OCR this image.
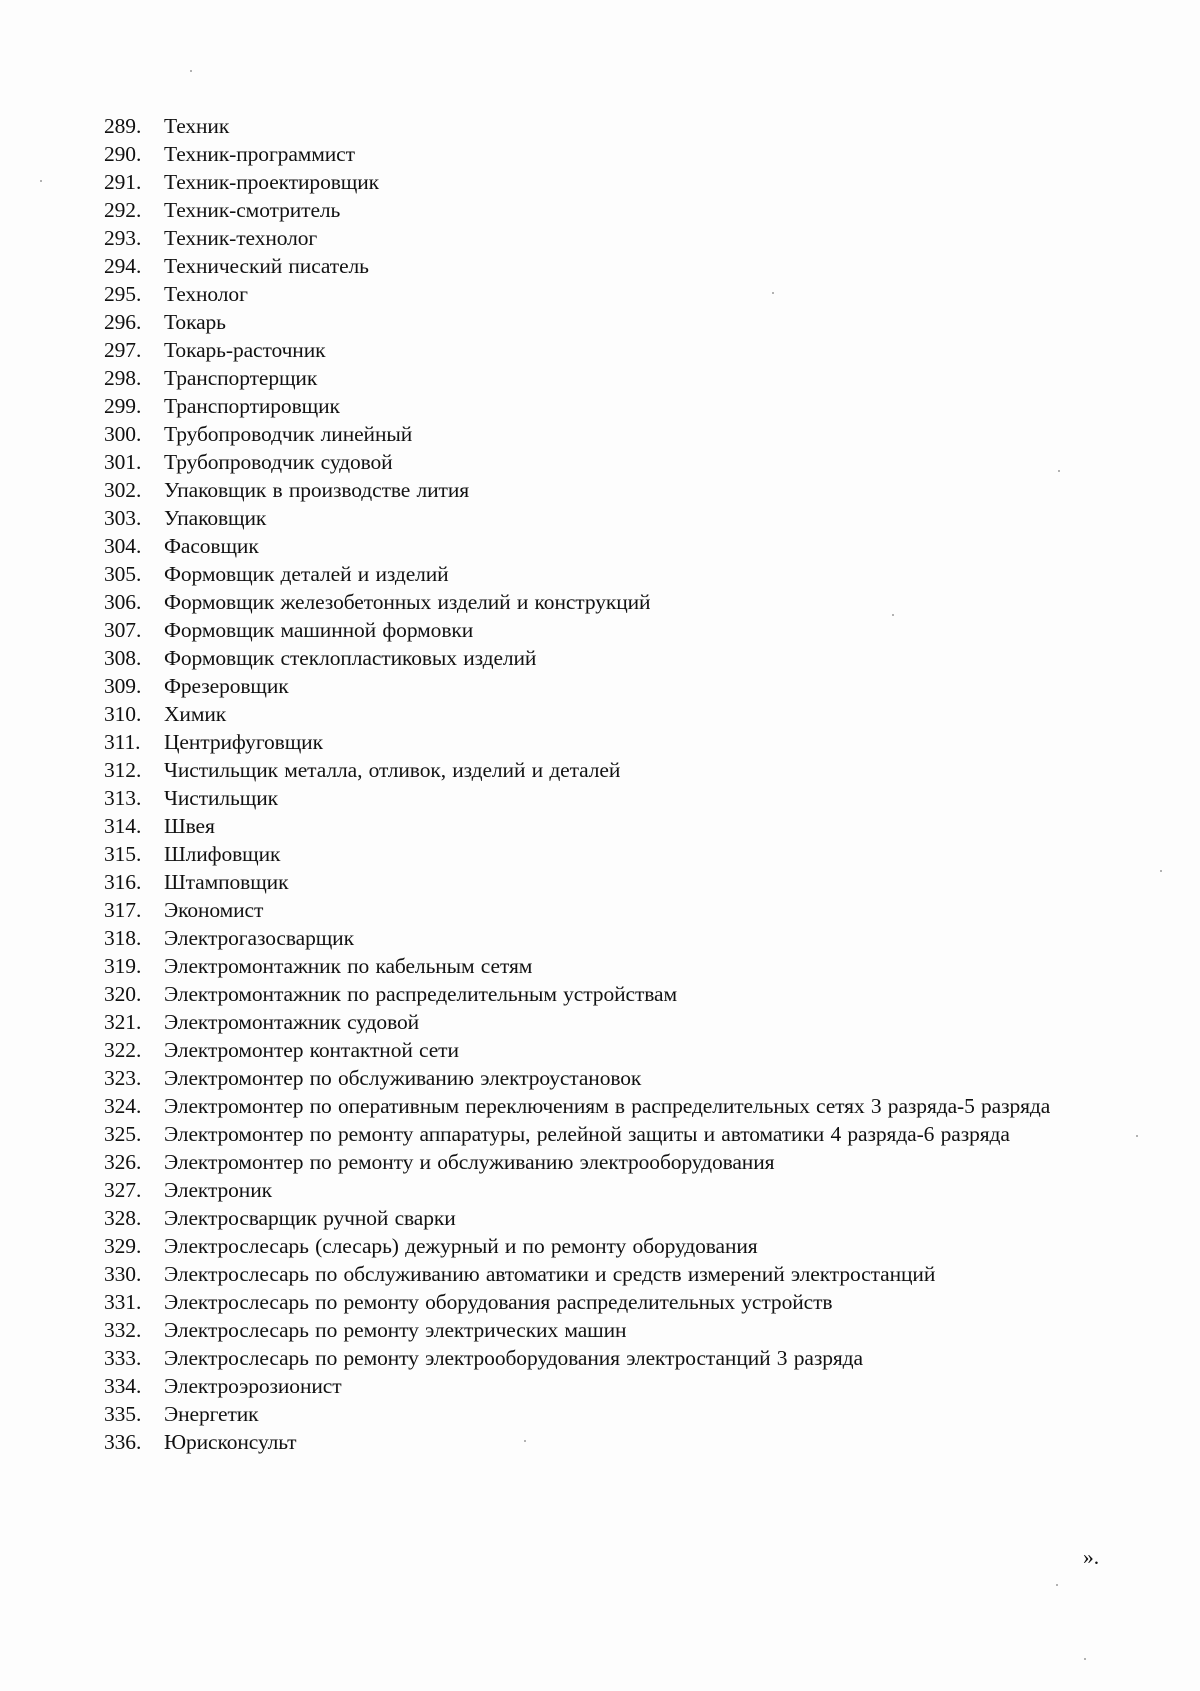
289.	Техник
290.	Техник-программист
291.	Техник-проектировщик
292.	Техник-смотритель
293.	Техник-технолог
294.	Технический писатель
295.	Технолог
296.	Токарь
297.	Токарь-расточник
298.	Транспортерщик
299.	Транспортировщик
300.	Трубопроводчик линейный
301.	Трубопроводчик судовой
302.	Упаковщик в производстве лития
303.	Упаковщик
304.	Фасовщик
305.	Формовщик деталей и изделий
306.	Формовщик железобетонных изделий и конструкций
307.	Формовщик машинной формовки
308.	Формовщик стеклопластиковых изделий
309.	Фрезеровщик
310.	Химик
311.	Центрифуговщик
312.	Чистильщик металла, отливок, изделий и деталей
313.	Чистильщик
314.	Швея
315.	Шлифовщик
316.	Штамповщик
317.	Экономист
318.	Электрогазосварщик
319.	Электромонтажник по кабельным сетям
320.	Электромонтажник по распределительным устройствам
321.	Электромонтажник судовой
322.	Электромонтер контактной сети
323.	Электромонтер по обслуживанию электроустановок
324.	Электромонтер по оперативным переключениям в распределительных сетях 3 разряда-5 разряда
325.	Электромонтер по ремонту аппаратуры, релейной защиты и автоматики 4 разряда-6 разряда
326.	Электромонтер по ремонту и обслуживанию электрооборудования
327.	Электроник
328.	Электросварщик ручной сварки
329.	Электрослесарь (слесарь) дежурный и по ремонту оборудования
330.	Электрослесарь по обслуживанию автоматики и средств измерений электростанций
331.	Электрослесарь по ремонту оборудования распределительных устройств
332.	Электрослесарь по ремонту электрических машин
333.	Электрослесарь по ремонту электрооборудования электростанций 3 разряда
334.	Электроэрозионист
335.	Энергетик
336.	Юрисконсульт
».
